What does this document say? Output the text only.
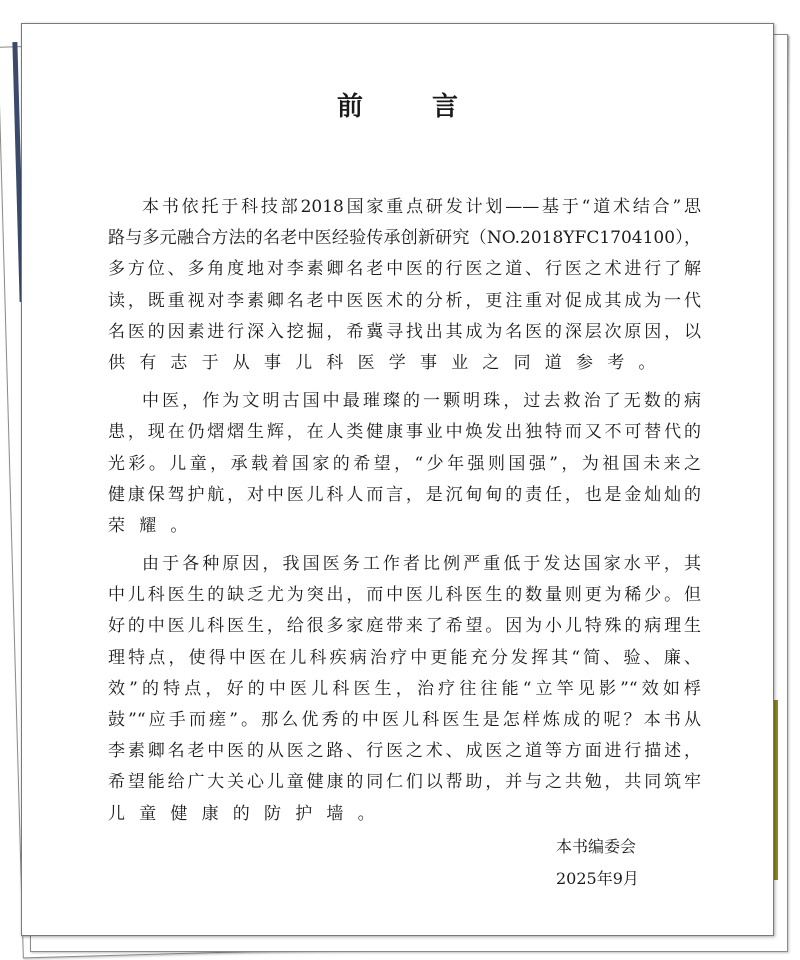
前 言
本书依托于科技部2018国家重点研发计划——基于“道术结合”思
路与多元融合方法的名老中医经验传承创新研究（NO.2018YFC1704100），
多方位、多角度地对李素卿名老中医的行医之道、行医之术进行了解
读，既重视对李素卿名老中医医术的分析，更注重对促成其成为一代
名医的因素进行深入挖掘，希冀寻找出其成为名医的深层次原因，以
供有志于从事儿科医学事业之同道参考。
中医，作为文明古国中最璀璨的一颗明珠，过去救治了无数的病
患，现在仍熠熠生辉，在人类健康事业中焕发出独特而又不可替代的
光彩。儿童，承载着国家的希望，“少年强则国强”，为祖国未来之
健康保驾护航，对中医儿科人而言，是沉甸甸的责任，也是金灿灿的
荣耀。
由于各种原因，我国医务工作者比例严重低于发达国家水平，其
中儿科医生的缺乏尤为突出，而中医儿科医生的数量则更为稀少。但
好的中医儿科医生，给很多家庭带来了希望。因为小儿特殊的病理生
理特点，使得中医在儿科疾病治疗中更能充分发挥其“简、验、廉、
效”的特点，好的中医儿科医生，治疗往往能“立竿见影”“效如桴
鼓”“应手而瘥”。那么优秀的中医儿科医生是怎样炼成的呢？本书从
李素卿名老中医的从医之路、行医之术、成医之道等方面进行描述，
希望能给广大关心儿童健康的同仁们以帮助，并与之共勉，共同筑牢
儿童健康的防护墙。
本书编委会
2025年9月
